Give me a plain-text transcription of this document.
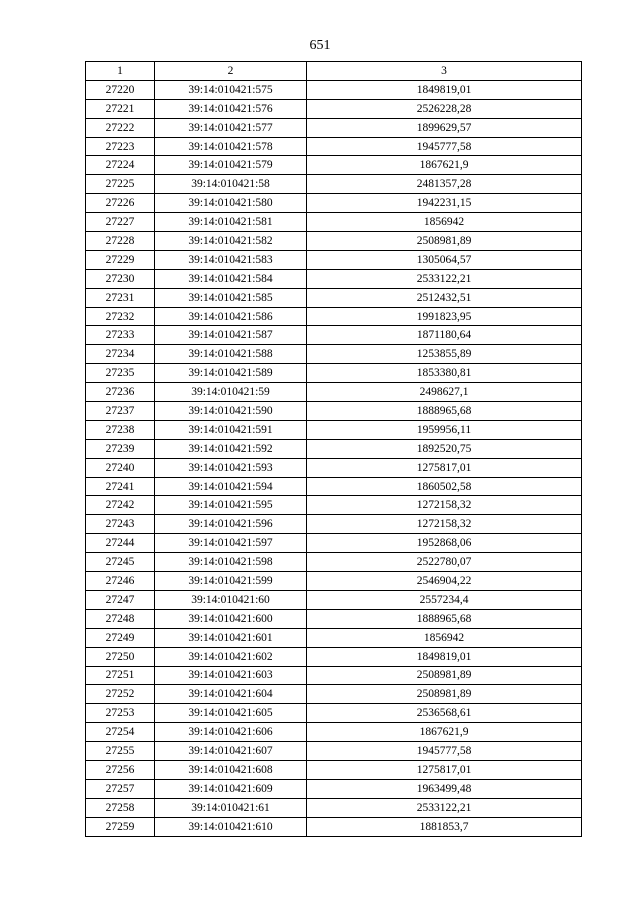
651
1	2	3
27220	39:14:010421:575	1849819,01
27221	39:14:010421:576	2526228,28
27222	39:14:010421:577	1899629,57
27223	39:14:010421:578	1945777,58
27224	39:14:010421:579	1867621,9
27225	39:14:010421:58	2481357,28
27226	39:14:010421:580	1942231,15
27227	39:14:010421:581	1856942
27228	39:14:010421:582	2508981,89
27229	39:14:010421:583	1305064,57
27230	39:14:010421:584	2533122,21
27231	39:14:010421:585	2512432,51
27232	39:14:010421:586	1991823,95
27233	39:14:010421:587	1871180,64
27234	39:14:010421:588	1253855,89
27235	39:14:010421:589	1853380,81
27236	39:14:010421:59	2498627,1
27237	39:14:010421:590	1888965,68
27238	39:14:010421:591	1959956,11
27239	39:14:010421:592	1892520,75
27240	39:14:010421:593	1275817,01
27241	39:14:010421:594	1860502,58
27242	39:14:010421:595	1272158,32
27243	39:14:010421:596	1272158,32
27244	39:14:010421:597	1952868,06
27245	39:14:010421:598	2522780,07
27246	39:14:010421:599	2546904,22
27247	39:14:010421:60	2557234,4
27248	39:14:010421:600	1888965,68
27249	39:14:010421:601	1856942
27250	39:14:010421:602	1849819,01
27251	39:14:010421:603	2508981,89
27252	39:14:010421:604	2508981,89
27253	39:14:010421:605	2536568,61
27254	39:14:010421:606	1867621,9
27255	39:14:010421:607	1945777,58
27256	39:14:010421:608	1275817,01
27257	39:14:010421:609	1963499,48
27258	39:14:010421:61	2533122,21
27259	39:14:010421:610	1881853,7
